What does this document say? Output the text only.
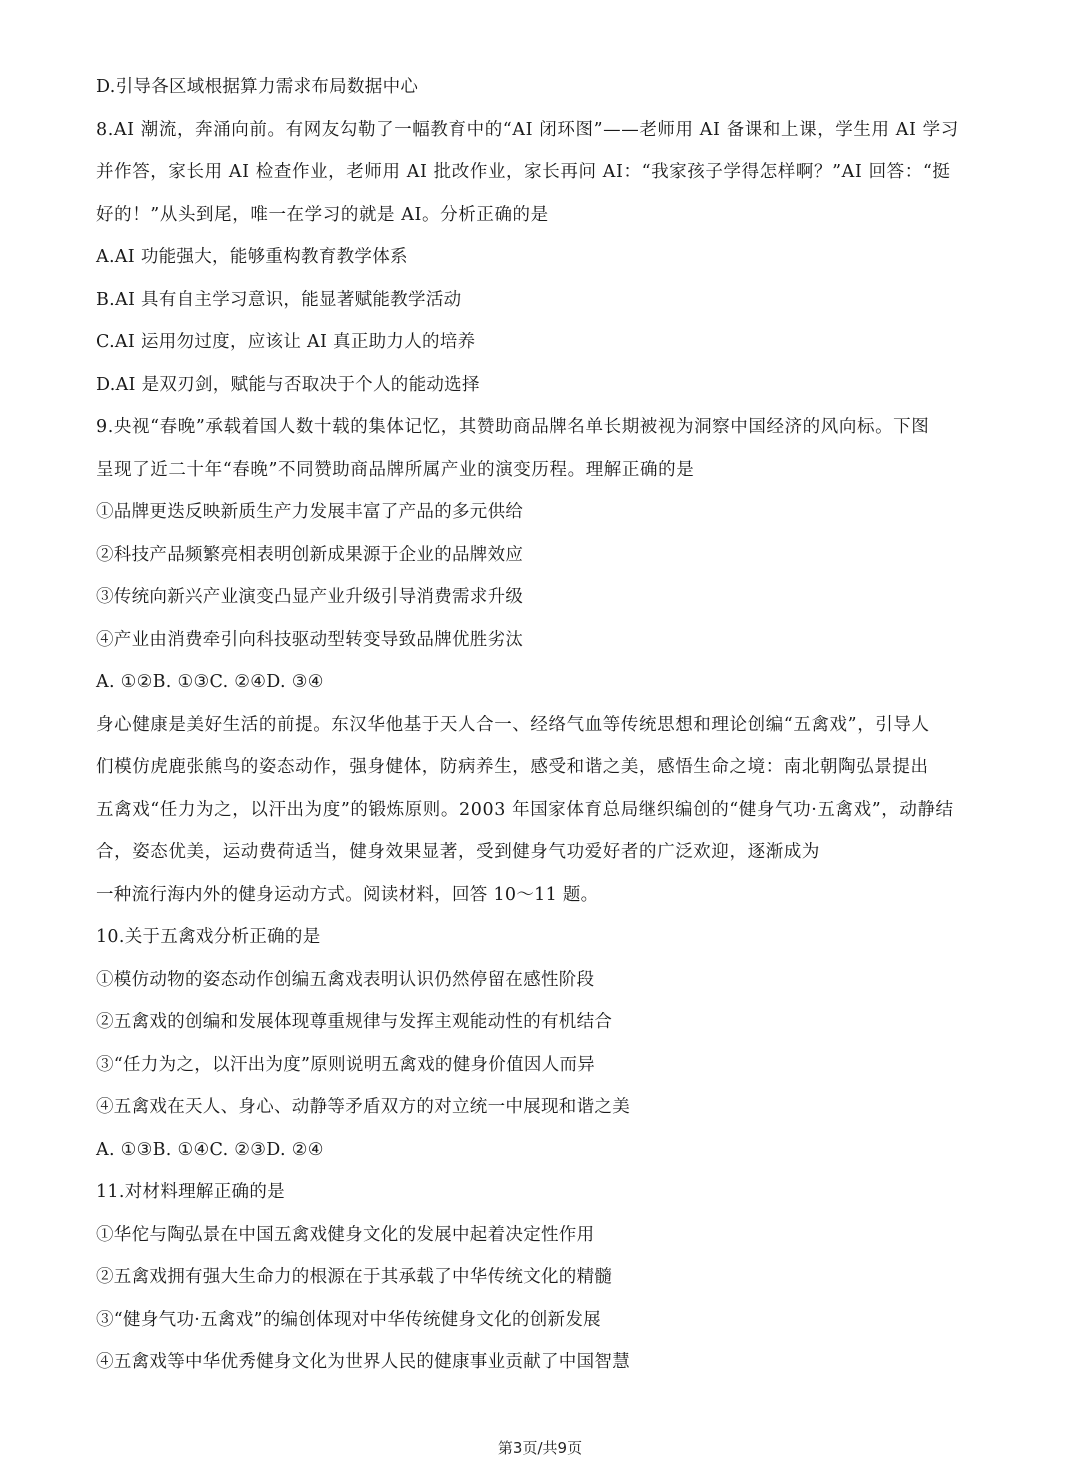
D.引导各区域根据算力需求布局数据中心
8.AI 潮流，奔涌向前。有网友勾勒了一幅教育中的“AI 闭环图”——老师用 AI 备课和上课，学生用 AI 学习
并作答，家长用 AI 检查作业，老师用 AI 批改作业，家长再问 AI：“我家孩子学得怎样啊？”AI 回答：“挺
好的！”从头到尾，唯一在学习的就是 AI。分析正确的是
A.AI 功能强大，能够重构教育教学体系
B.AI 具有自主学习意识，能显著赋能教学活动
C.AI 运用勿过度，应该让 AI 真正助力人的培养
D.AI 是双刃剑，赋能与否取决于个人的能动选择
9.央视“春晚”承载着国人数十载的集体记忆，其赞助商品牌名单长期被视为洞察中国经济的风向标。下图
呈现了近二十年“春晚”不同赞助商品牌所属产业的演变历程。理解正确的是
①品牌更迭反映新质生产力发展丰富了产品的多元供给
②科技产品频繁亮相表明创新成果源于企业的品牌效应
③传统向新兴产业演变凸显产业升级引导消费需求升级
④产业由消费牵引向科技驱动型转变导致品牌优胜劣汰
A. ①②B. ①③C. ②④D. ③④
身心健康是美好生活的前提。东汉华他基于天人合一、经络气血等传统思想和理论创编“五禽戏”，引导人
们模仿虎鹿张熊鸟的姿态动作，强身健体，防病养生，感受和谐之美，感悟生命之境：南北朝陶弘景提出
五禽戏“任力为之，以汗出为度”的锻炼原则。2003 年国家体育总局继织编创的“健身气功·五禽戏”，动静结
合，姿态优美，运动费荷适当，健身效果显著，受到健身气功爱好者的广泛欢迎，逐渐成为
一种流行海内外的健身运动方式。阅读材料，回答 10～11 题。
10.关于五禽戏分析正确的是
①模仿动物的姿态动作创编五禽戏表明认识仍然停留在感性阶段
②五禽戏的创编和发展体现尊重规律与发挥主观能动性的有机结合
③“任力为之，以汗出为度”原则说明五禽戏的健身价值因人而异
④五禽戏在天人、身心、动静等矛盾双方的对立统一中展现和谐之美
A. ①③B. ①④C. ②③D. ②④
11.对材料理解正确的是
①华佗与陶弘景在中国五禽戏健身文化的发展中起着决定性作用
②五禽戏拥有强大生命力的根源在于其承载了中华传统文化的精髓
③“健身气功·五禽戏”的编创体现对中华传统健身文化的创新发展
④五禽戏等中华优秀健身文化为世界人民的健康事业贡献了中国智慧
第3页/共9页
